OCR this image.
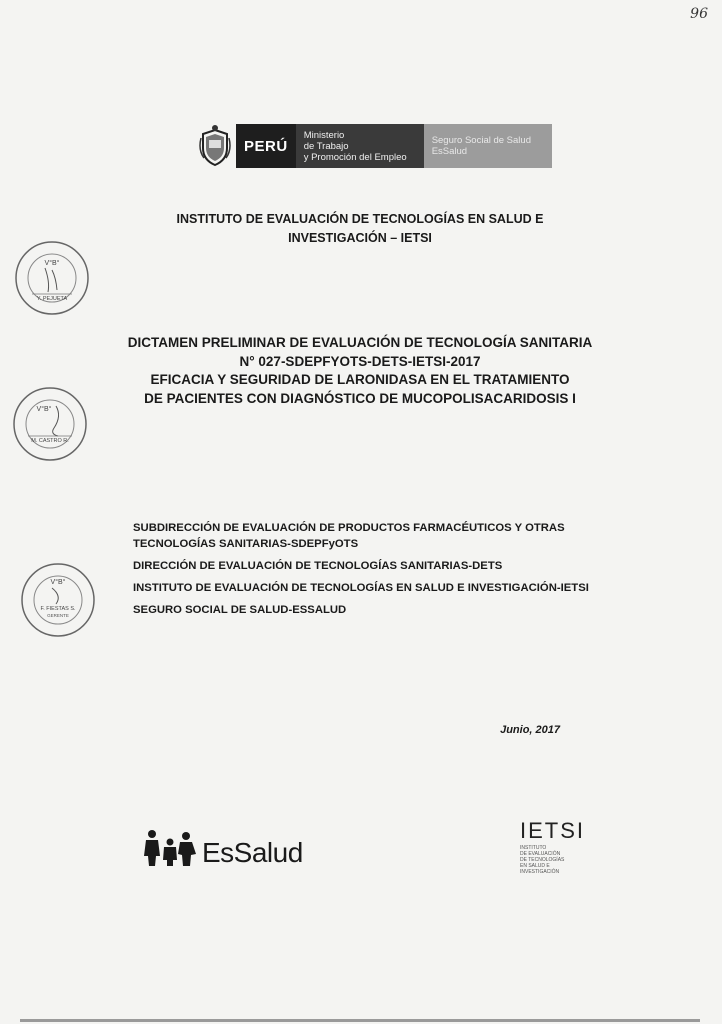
96
PERÚ
Ministerio
de Trabajo
y Promoción del Empleo
Seguro Social de Salud
EsSalud
INSTITUTO DE EVALUACIÓN DE TECNOLOGÍAS EN SALUD E
INVESTIGACIÓN – IETSI
V°B°
Y. PEJUETA
DICTAMEN PRELIMINAR DE EVALUACIÓN DE TECNOLOGÍA SANITARIA
N° 027-SDEPFYOTS-DETS-IETSI-2017
EFICACIA Y SEGURIDAD DE LARONIDASA EN EL TRATAMIENTO
DE PACIENTES CON DIAGNÓSTICO DE MUCOPOLISACARIDOSIS I
V°B°
M. CASTRO R.
V°B°
F. FIESTAS S.
GERENTE

SUBDIRECCIÓN DE EVALUACIÓN DE PRODUCTOS FARMACÉUTICOS Y OTRAS TECNOLOGÍAS SANITARIAS-SDEPFyOTS

DIRECCIÓN DE EVALUACIÓN DE TECNOLOGÍAS SANITARIAS-DETS

INSTITUTO DE EVALUACIÓN DE TECNOLOGÍAS EN SALUD E INVESTIGACIÓN-IETSI

SEGURO SOCIAL DE SALUD-ESSALUD

Junio, 2017
EsSalud
IETSI
INSTITUTO
DE EVALUACIÓN
DE TECNOLOGÍAS
EN SALUD E
INVESTIGACIÓN
